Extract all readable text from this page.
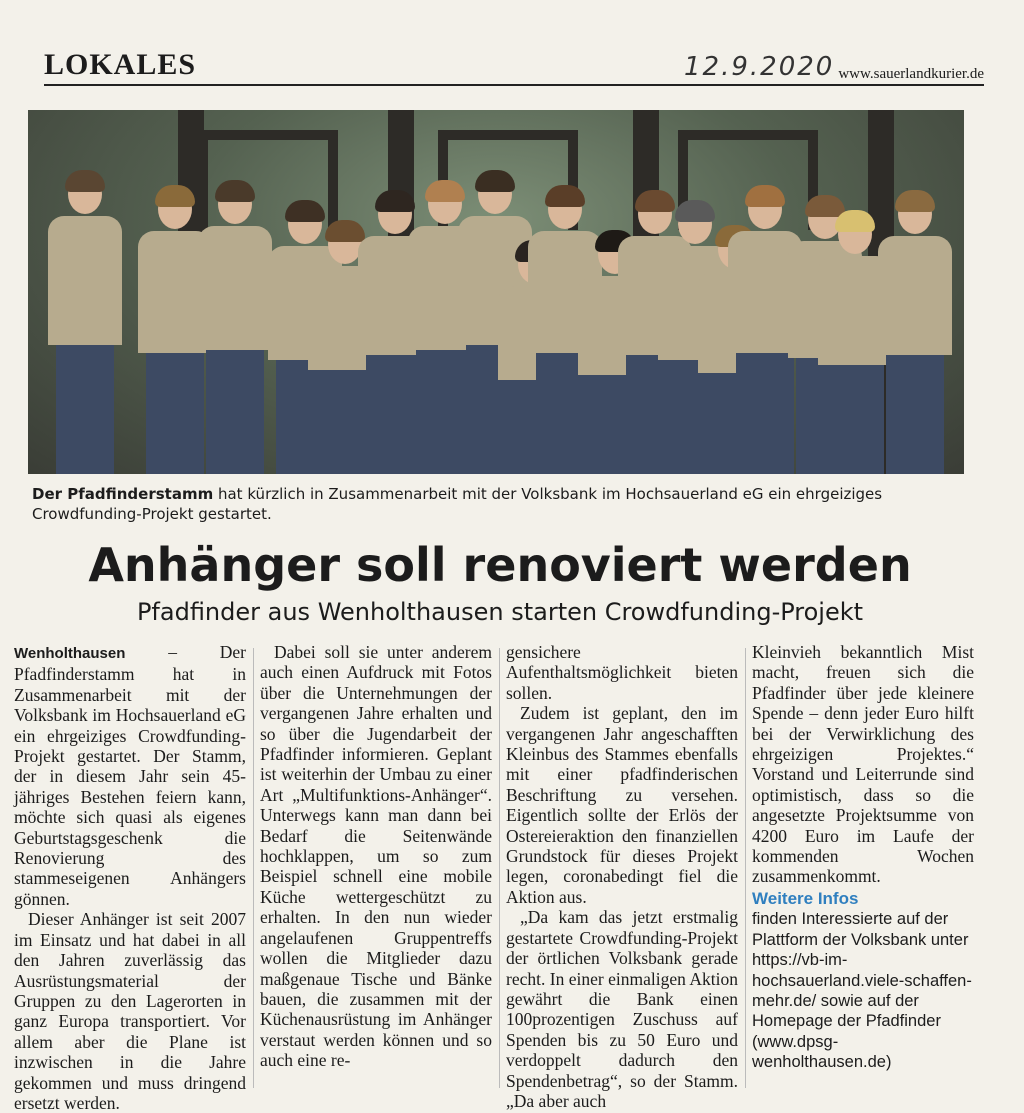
LOKALES	12.9.2020 www.sauerlandkurier.de
Der Pfadfinderstamm hat kürzlich in Zusammenarbeit mit der Volksbank im Hochsauerland eG ein ehrgeiziges Crowdfunding-Projekt gestartet.
Anhänger soll renoviert werden
Pfadfinder aus Wenholthausen starten Crowdfunding-Projekt

Wenholthausen – Der Pfadfinderstamm hat in Zusammenarbeit mit der Volksbank im Hochsauerland eG ein ehrgeiziges Crowdfunding-Projekt gestartet. Der Stamm, der in diesem Jahr sein 45-jähriges Bestehen feiern kann, möchte sich quasi als eigenes Geburtstagsgeschenk die Renovierung des stammeseigenen Anhängers gönnen.

Dieser Anhänger ist seit 2007 im Einsatz und hat dabei in all den Jahren zuverlässig das Ausrüstungsmaterial der Gruppen zu den Lagerorten in ganz Europa transportiert. Vor allem aber die Plane ist inzwischen in die Jahre gekommen und muss dringend ersetzt werden.

Dabei soll sie unter anderem auch einen Aufdruck mit Fotos über die Unternehmungen der vergangenen Jahre erhalten und so über die Jugendarbeit der Pfadfinder informieren. Geplant ist weiterhin der Umbau zu einer Art „Multifunktions-Anhänger“. Unterwegs kann man dann bei Bedarf die Seitenwände hochklappen, um so zum Beispiel schnell eine mobile Küche wettergeschützt zu erhalten. In den nun wieder angelaufenen Gruppentreffs wollen die Mitglieder dazu maßgenaue Tische und Bänke bauen, die zusammen mit der Küchenausrüstung im Anhänger verstaut werden können und so auch eine re-

gensichere Aufenthaltsmöglichkeit bieten sollen.

Zudem ist geplant, den im vergangenen Jahr angeschafften Kleinbus des Stammes ebenfalls mit einer pfadfinderischen Beschriftung zu versehen. Eigentlich sollte der Erlös der Ostereieraktion den finanziellen Grundstock für dieses Projekt legen, coronabedingt fiel die Aktion aus.

„Da kam das jetzt erstmalig gestartete Crowdfunding-Projekt der örtlichen Volksbank gerade recht. In einer einmaligen Aktion gewährt die Bank einen 100prozentigen Zuschuss auf Spenden bis zu 50 Euro und verdoppelt dadurch den Spendenbetrag“, so der Stamm. „Da aber auch

Kleinvieh bekanntlich Mist macht, freuen sich die Pfadfinder über jede kleinere Spende – denn jeder Euro hilft bei der Verwirklichung des ehrgeizigen Projektes.“ Vorstand und Leiterrunde sind optimistisch, dass so die angesetzte Projektsumme von 4200 Euro im Laufe der kommenden Wochen zusammenkommt.

Weitere Infos
finden Interessierte auf der Plattform der Volksbank unter https://vb-im-hochsauerland.viele-schaffen-mehr.de/ sowie auf der Homepage der Pfadfinder (www.dpsg-wenholthausen.de)
